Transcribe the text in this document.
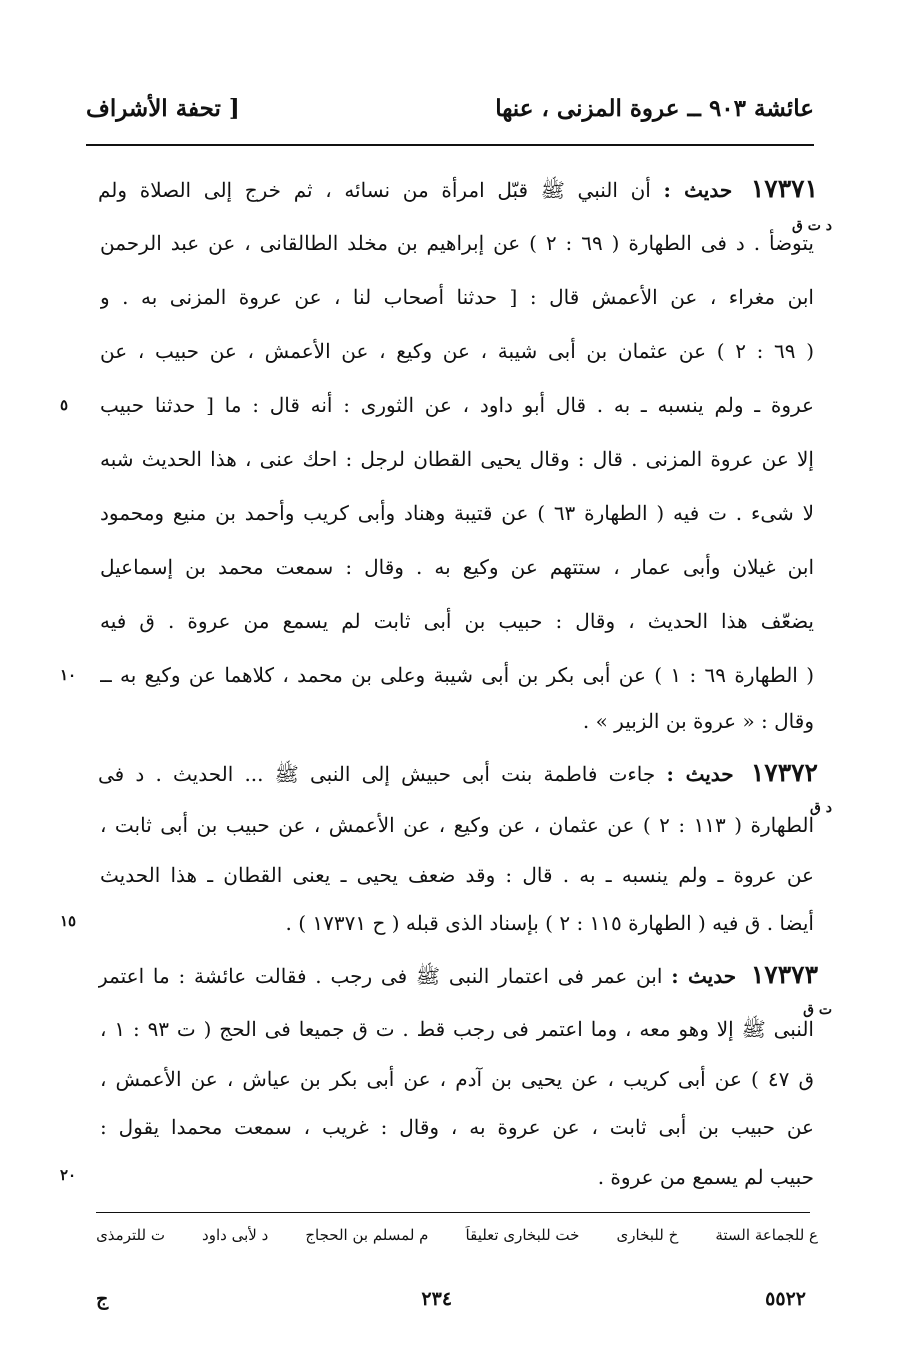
عائشة ٩٠٣ ــ عروة المزنى ، عنها
[ تحفة الأشراف
١٧٣٧١ حديث : أن النبي ﷺ قبّل امرأة من نسائه ، ثم خرج إلى الصلاة ولم
د ت ق
يتوضأ . د فى الطهارة ( ٦٩ : ٢ ) عن إبراهيم بن مخلد الطالقانى ، عن عبد الرحمن
ابن مغراء ، عن الأعمش قال : [ حدثنا أصحاب لنا ، عن عروة المزنى به . و
( ٦٩ : ٢ ) عن عثمان بن أبى شيبة ، عن وكيع ، عن الأعمش ، عن حبيب ، عن
عروة ـ ولم ينسبه ـ به . قال أبو داود ، عن الثورى : أنه قال : ما [ حدثنا حبيب
٥
إلا عن عروة المزنى . قال : وقال يحيى القطان لرجل : احك عنى ، هذا الحديث شبه
لا شىء . ت فيه ( الطهارة ٦٣ ) عن قتيبة وهناد وأبى كريب وأحمد بن منيع ومحمود
ابن غيلان وأبى عمار ، ستتهم عن وكيع به . وقال : سمعت محمد بن إسماعيل
يضعّف هذا الحديث ، وقال : حبيب بن أبى ثابت لم يسمع من عروة . ق فيه
( الطهارة ٦٩ : ١ ) عن أبى بكر بن أبى شيبة وعلى بن محمد ، كلاهما عن وكيع به ــ
١٠
وقال : « عروة بن الزبير » .
١٧٣٧٢ حديث : جاءت فاطمة بنت أبى حبيش إلى النبى ﷺ ... الحديث . د فى
د ق
الطهارة ( ١١٣ : ٢ ) عن عثمان ، عن وكيع ، عن الأعمش ، عن حبيب بن أبى ثابت ،
عن عروة ـ ولم ينسبه ـ به . قال : وقد ضعف يحيى ـ يعنى القطان ـ هذا الحديث
أيضا . ق فيه ( الطهارة ١١٥ : ٢ ) بإسناد الذى قبله ( ح ١٧٣٧١ ) .
١٥
١٧٣٧٣ حديث : ابن عمر فى اعتمار النبى ﷺ فى رجب . فقالت عائشة : ما اعتمر
ت ق
النبى ﷺ إلا وهو معه ، وما اعتمر فى رجب قط . ت ق جميعا فى الحج ( ت ٩٣ : ١ ،
ق ٤٧ ) عن أبى كريب ، عن يحيى بن آدم ، عن أبى بكر بن عياش ، عن الأعمش ،
عن حبيب بن أبى ثابت ، عن عروة به ، وقال : غريب ، سمعت محمدا يقول :
حبيب لم يسمع من عروة .
٢٠
ع للجماعة الستة
خ للبخارى
خت للبخارى تعليقاً
م لمسلم بن الحجاج
د لأبى داود
ت للترمذى
ج	٢٣٤	٥٥٢٢
